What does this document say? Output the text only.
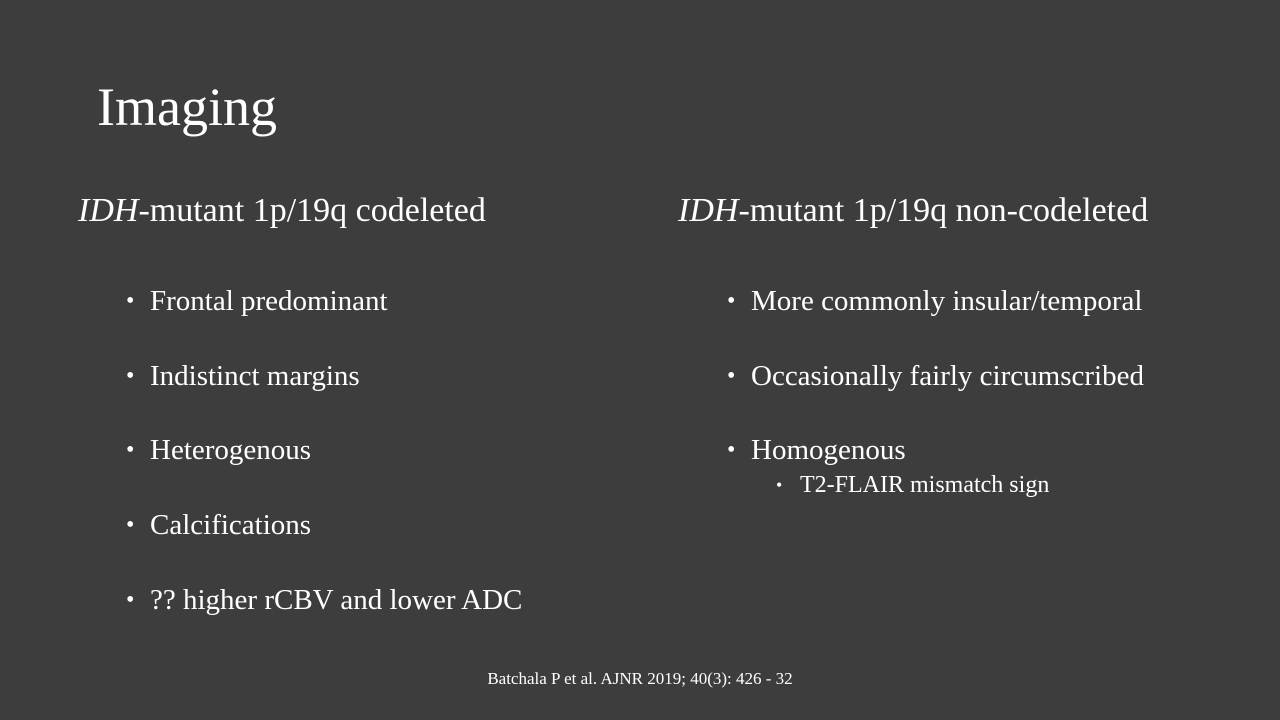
Imaging
IDH-mutant 1p/19q codeleted
• Frontal predominant
• Indistinct margins
• Heterogenous
• Calcifications
• ?? higher rCBV and lower ADC
IDH-mutant 1p/19q non-codeleted
• More commonly insular/temporal
• Occasionally fairly circumscribed
• Homogenous
• T2-FLAIR mismatch sign
Batchala P et al. AJNR 2019; 40(3): 426 - 32
